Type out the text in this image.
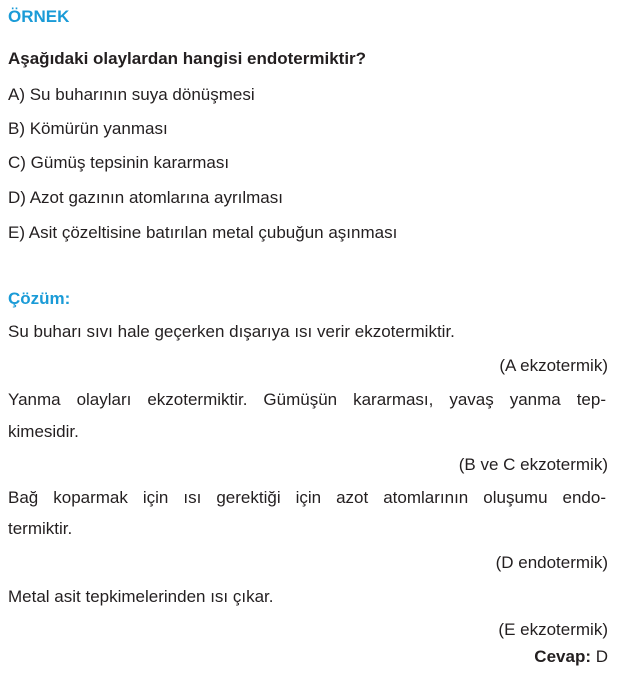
ÖRNEK
Aşağıdaki olaylardan hangisi endotermiktir?
A) Su buharının suya dönüşmesi
B) Kömürün yanması
C) Gümüş tepsinin kararması
D) Azot gazının atomlarına ayrılması
E) Asit çözeltisine batırılan metal çubuğun aşınması
Çözüm:
Su buharı sıvı hale geçerken dışarıya ısı verir ekzotermiktir.
(A ekzotermik)
Yanma olayları ekzotermiktir. Gümüşün kararması, yavaş yanma tep-
kimesidir.
(B ve C ekzotermik)
Bağ koparmak için ısı gerektiği için azot atomlarının oluşumu endo-
termiktir.
(D endotermik)
Metal asit tepkimelerinden ısı çıkar.
(E ekzotermik)
Cevap: D
